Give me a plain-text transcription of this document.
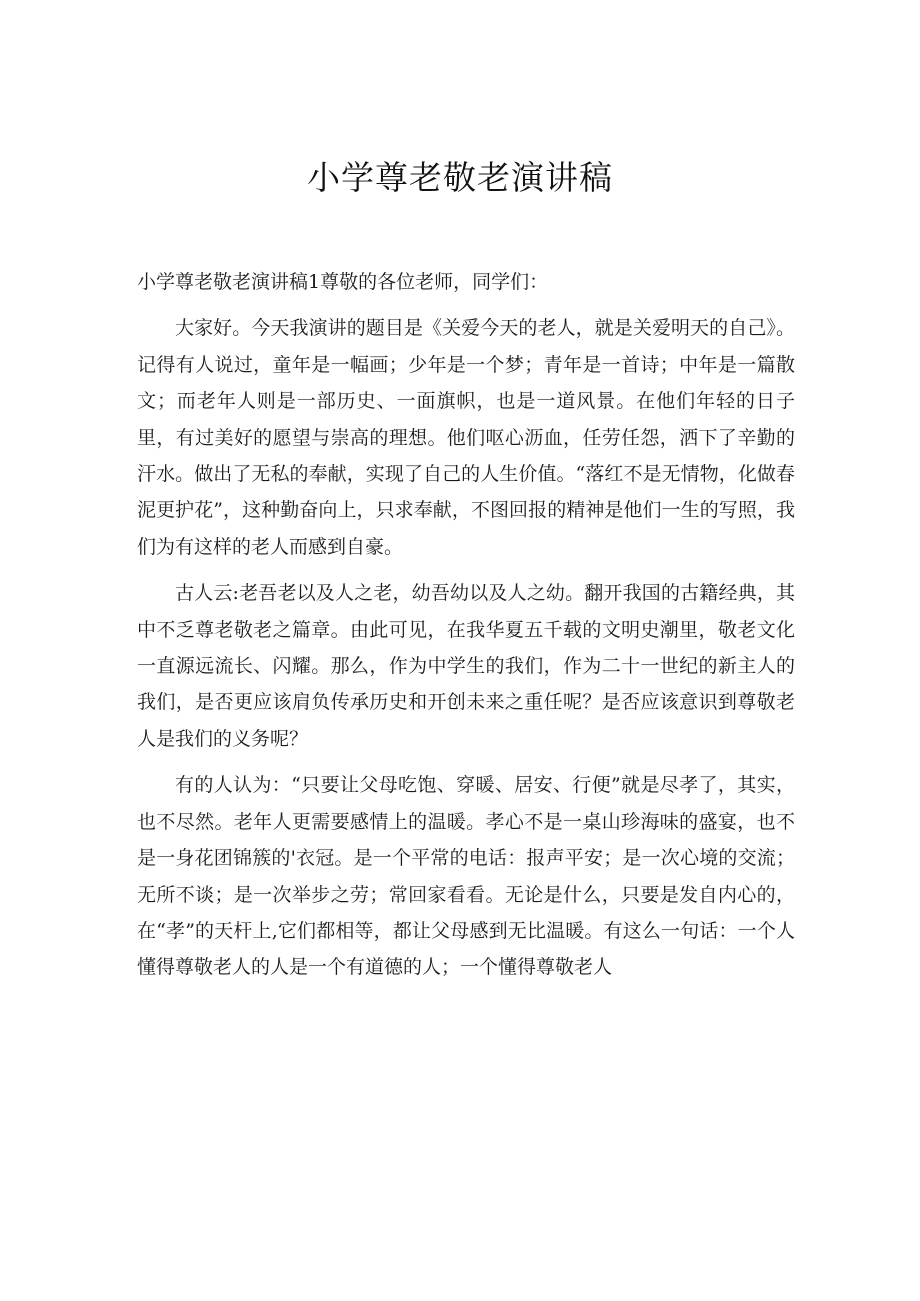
小学尊老敬老演讲稿

小学尊老敬老演讲稿1尊敬的各位老师，同学们：

大家好。今天我演讲的题目是《关爱今天的老人，就是关爱明天的自己》。记得有人说过，童年是一幅画；少年是一个梦；青年是一首诗；中年是一篇散文；而老年人则是一部历史、一面旗帜，也是一道风景。在他们年轻的日子里，有过美好的愿望与崇高的理想。他们呕心沥血，任劳任怨，洒下了辛勤的汗水。做出了无私的奉献，实现了自己的人生价值。“落红不是无情物，化做春泥更护花”，这种勤奋向上，只求奉献，不图回报的精神是他们一生的写照，我们为有这样的老人而感到自豪。

古人云:老吾老以及人之老，幼吾幼以及人之幼。翻开我国的古籍经典，其中不乏尊老敬老之篇章。由此可见，在我华夏五千载的文明史潮里，敬老文化一直源远流长、闪耀。那么，作为中学生的我们，作为二十一世纪的新主人的我们，是否更应该肩负传承历史和开创未来之重任呢？是否应该意识到尊敬老人是我们的义务呢？

有的人认为：“只要让父母吃饱、穿暖、居安、行便”就是尽孝了，其实，也不尽然。老年人更需要感情上的温暖。孝心不是一桌山珍海味的盛宴，也不是一身花团锦簇的'衣冠。是一个平常的电话：报声平安；是一次心境的交流；无所不谈；是一次举步之劳；常回家看看。无论是什么，只要是发自内心的，在“孝”的天杆上,它们都相等，都让父母感到无比温暖。有这么一句话：一个人懂得尊敬老人的人是一个有道德的人；一个懂得尊敬老人
